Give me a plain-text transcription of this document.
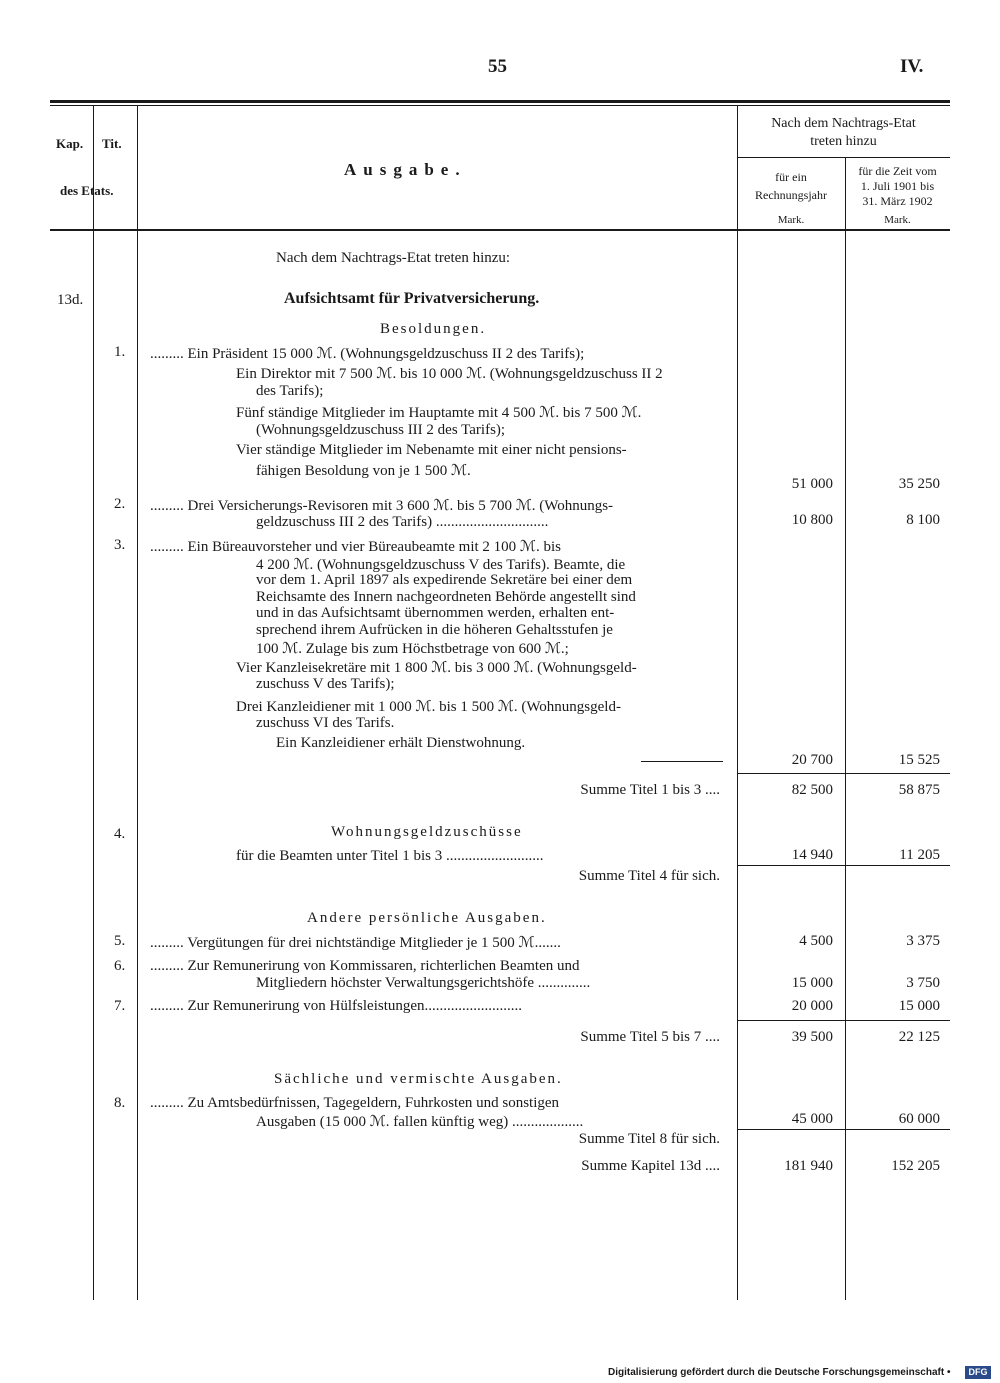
55	IV.
Kap. Tit.
des Etats.
Ausgabe.
Nach dem Nachtrags-Etat
treten hinzu
für ein
Rechnungsjahr
für die Zeit vom
1. Juli 1901 bis
31. März 1902
Mark.	Mark.
Nach dem Nachtrags-Etat treten hinzu:
13d.	Aufsichtsamt für Privatversicherung.
Besoldungen.
1. ......... Ein Präsident 15 000 ℳ. (Wohnungsgeldzuschuss II 2 des Tarifs);
Ein Direktor mit 7 500 ℳ. bis 10 000 ℳ. (Wohnungsgeldzuschuss II 2
des Tarifs);
Fünf ständige Mitglieder im Hauptamte mit 4 500 ℳ. bis 7 500 ℳ.
(Wohnungsgeldzuschuss III 2 des Tarifs);
Vier ständige Mitglieder im Nebenamte mit einer nicht pensions-
fähigen Besoldung von je 1 500 ℳ.
51 000	35 250
2. ......... Drei Versicherungs-Revisoren mit 3 600 ℳ. bis 5 700 ℳ. (Wohnungs-
geldzuschuss III 2 des Tarifs) ..............................	10 800	8 100
3. ......... Ein Büreauvorsteher und vier Büreaubeamte mit 2 100 ℳ. bis
4 200 ℳ. (Wohnungsgeldzuschuss V des Tarifs). Beamte, die
vor dem 1. April 1897 als expedirende Sekretäre bei einer dem
Reichsamte des Innern nachgeordneten Behörde angestellt sind
und in das Aufsichtsamt übernommen werden, erhalten ent-
sprechend ihrem Aufrücken in die höheren Gehaltsstufen je
100 ℳ. Zulage bis zum Höchstbetrage von 600 ℳ.;
Vier Kanzleisekretäre mit 1 800 ℳ. bis 3 000 ℳ. (Wohnungsgeld-
zuschuss V des Tarifs);
Drei Kanzleidiener mit 1 000 ℳ. bis 1 500 ℳ. (Wohnungsgeld-
zuschuss VI des Tarifs.
Ein Kanzleidiener erhält Dienstwohnung.
20 700	15 525
Summe Titel 1 bis 3 ....	82 500	58 875
4.	Wohnungsgeldzuschüsse
für die Beamten unter Titel 1 bis 3 ..........................	14 940	11 205
Summe Titel 4 für sich.
Andere persönliche Ausgaben.
5. ......... Vergütungen für drei nichtständige Mitglieder je 1 500 ℳ.......	4 500	3 375
6. ......... Zur Remunerirung von Kommissaren, richterlichen Beamten und
Mitgliedern höchster Verwaltungsgerichtshöfe ..............	15 000	3 750
7. ......... Zur Remunerirung von Hülfsleistungen..........................	20 000	15 000
Summe Titel 5 bis 7 ....	39 500	22 125
Sächliche und vermischte Ausgaben.
8. ......... Zu Amtsbedürfnissen, Tagegeldern, Fuhrkosten und sonstigen
Ausgaben (15 000 ℳ. fallen künftig weg) ...................	45 000	60 000
Summe Titel 8 für sich.
Summe Kapitel 13d ....	181 940	152 205
Digitalisierung gefördert durch die Deutsche Forschungsgemeinschaft •	DFG
